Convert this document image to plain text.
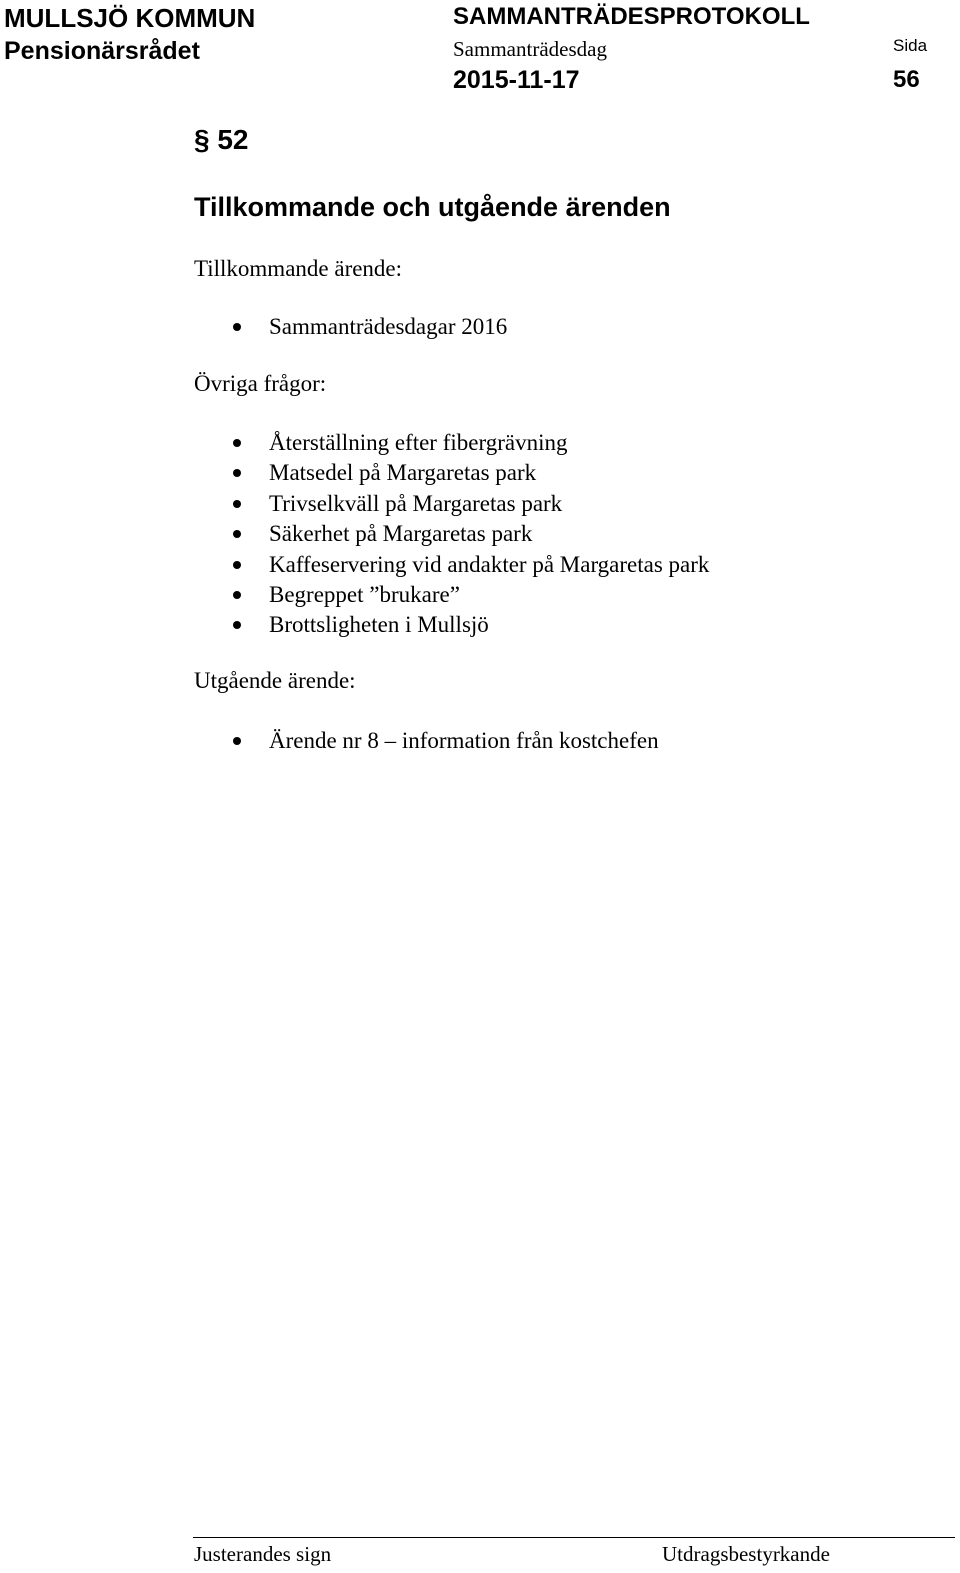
MULLSJÖ KOMMUN
Pensionärsrådet
SAMMANTRÄDESPROTOKOLL
Sammanträdesdag
2015-11-17
Sida
56
§ 52
Tillkommande och utgående ärenden
Tillkommande ärende:
Sammanträdesdagar 2016
Övriga frågor:
Återställning efter fibergrävning
Matsedel på Margaretas park
Trivselkväll på Margaretas park
Säkerhet på Margaretas park
Kaffeservering vid andakter på Margaretas park
Begreppet ”brukare”
Brottsligheten i Mullsjö
Utgående ärende:
Ärende nr 8 – information från kostchefen
Justerandes sign	Utdragsbestyrkande
